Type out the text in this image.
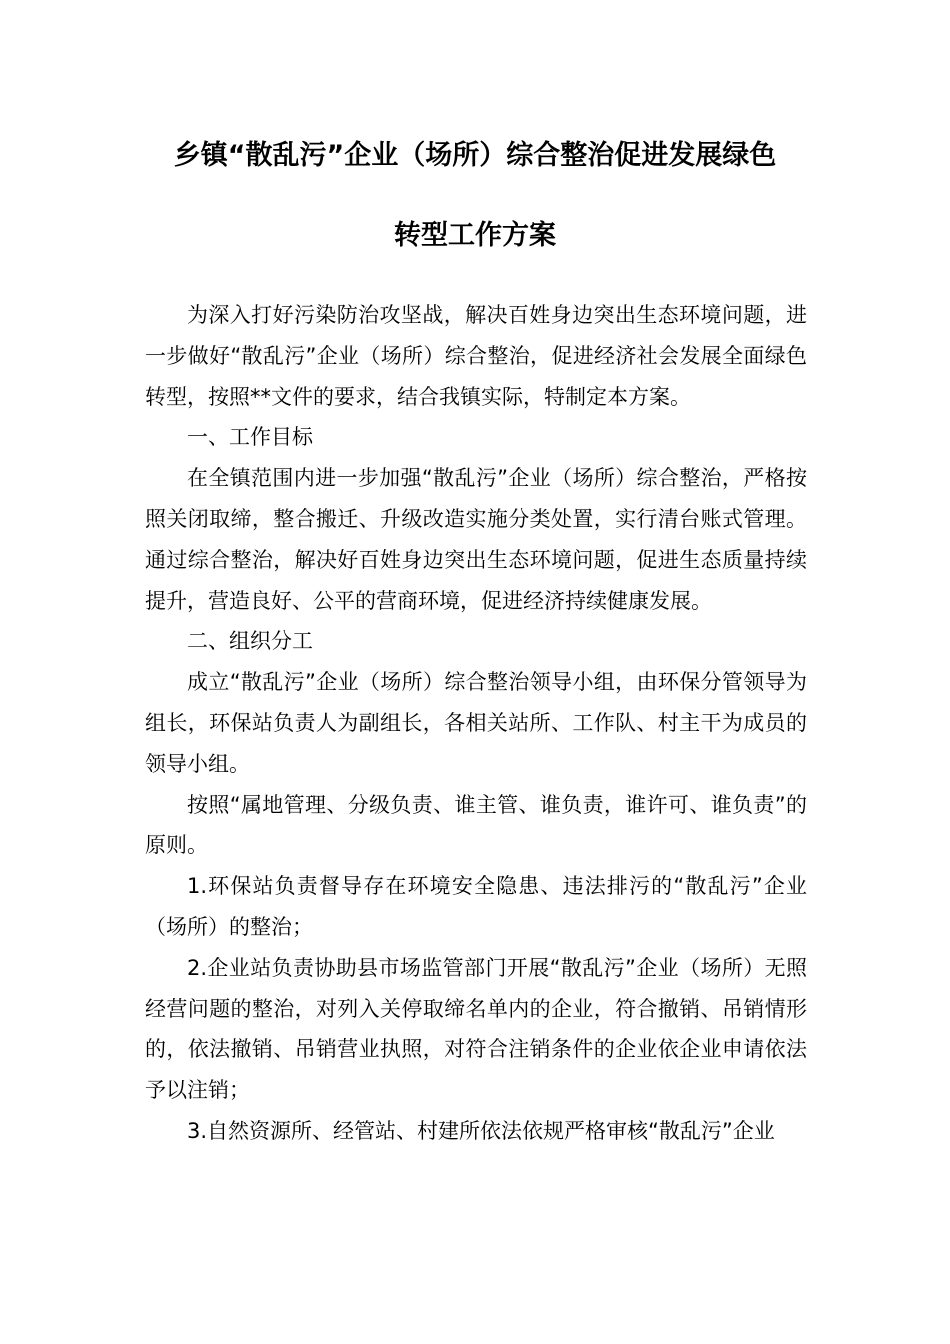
乡镇“散乱污”企业（场所）综合整治促进发展绿色
转型工作方案

为深入打好污染防治攻坚战，解决百姓身边突出生态环境问题，进一步做好“散乱污”企业（场所）综合整治，促进经济社会发展全面绿色转型，按照**文件的要求，结合我镇实际，特制定本方案。

一、工作目标

在全镇范围内进一步加强“散乱污”企业（场所）综合整治，严格按照关闭取缔，整合搬迁、升级改造实施分类处置，实行清台账式管理。通过综合整治，解决好百姓身边突出生态环境问题，促进生态质量持续提升，营造良好、公平的营商环境，促进经济持续健康发展。

二、组织分工

成立“散乱污”企业（场所）综合整治领导小组，由环保分管领导为组长，环保站负责人为副组长，各相关站所、工作队、村主干为成员的领导小组。

按照“属地管理、分级负责、谁主管、谁负责，谁许可、谁负责”的原则。

1.环保站负责督导存在环境安全隐患、违法排污的“散乱污”企业（场所）的整治；

2.企业站负责协助县市场监管部门开展“散乱污”企业（场所）无照经营问题的整治，对列入关停取缔名单内的企业，符合撤销、吊销情形的，依法撤销、吊销营业执照，对符合注销条件的企业依企业申请依法予以注销；

3.自然资源所、经管站、村建所依法依规严格审核“散乱污”企业
